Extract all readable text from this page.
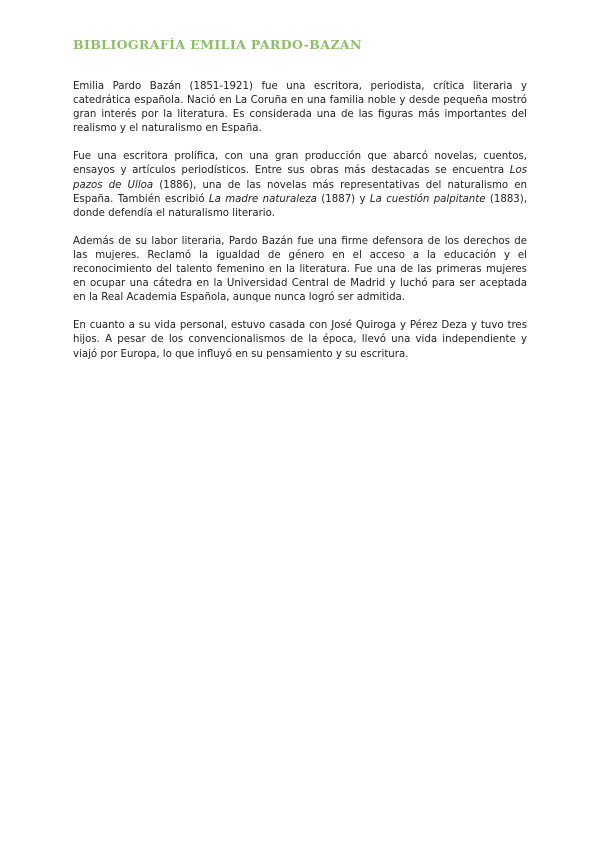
BIBLIOGRAFÍA EMILIA PARDO-BAZAN

Emilia Pardo Bazán (1851-1921) fue una escritora, periodista, crítica literaria y catedrática española. Nació en La Coruña en una familia noble y desde pequeña mostró gran interés por la literatura. Es considerada una de las figuras más importantes del realismo y el naturalismo en España.

Fue una escritora prolífica, con una gran producción que abarcó novelas, cuentos, ensayos y artículos periodísticos. Entre sus obras más destacadas se encuentra Los pazos de Ulloa (1886), una de las novelas más representativas del naturalismo en España. También escribió La madre naturaleza (1887) y La cuestión palpitante (1883), donde defendía el naturalismo literario.

Además de su labor literaria, Pardo Bazán fue una firme defensora de los derechos de las mujeres. Reclamó la igualdad de género en el acceso a la educación y el reconocimiento del talento femenino en la literatura. Fue una de las primeras mujeres en ocupar una cátedra en la Universidad Central de Madrid y luchó para ser aceptada en la Real Academia Española, aunque nunca logró ser admitida.

En cuanto a su vida personal, estuvo casada con José Quiroga y Pérez Deza y tuvo tres hijos. A pesar de los convencionalismos de la época, llevó una vida independiente y viajó por Europa, lo que influyó en su pensamiento y su escritura.
